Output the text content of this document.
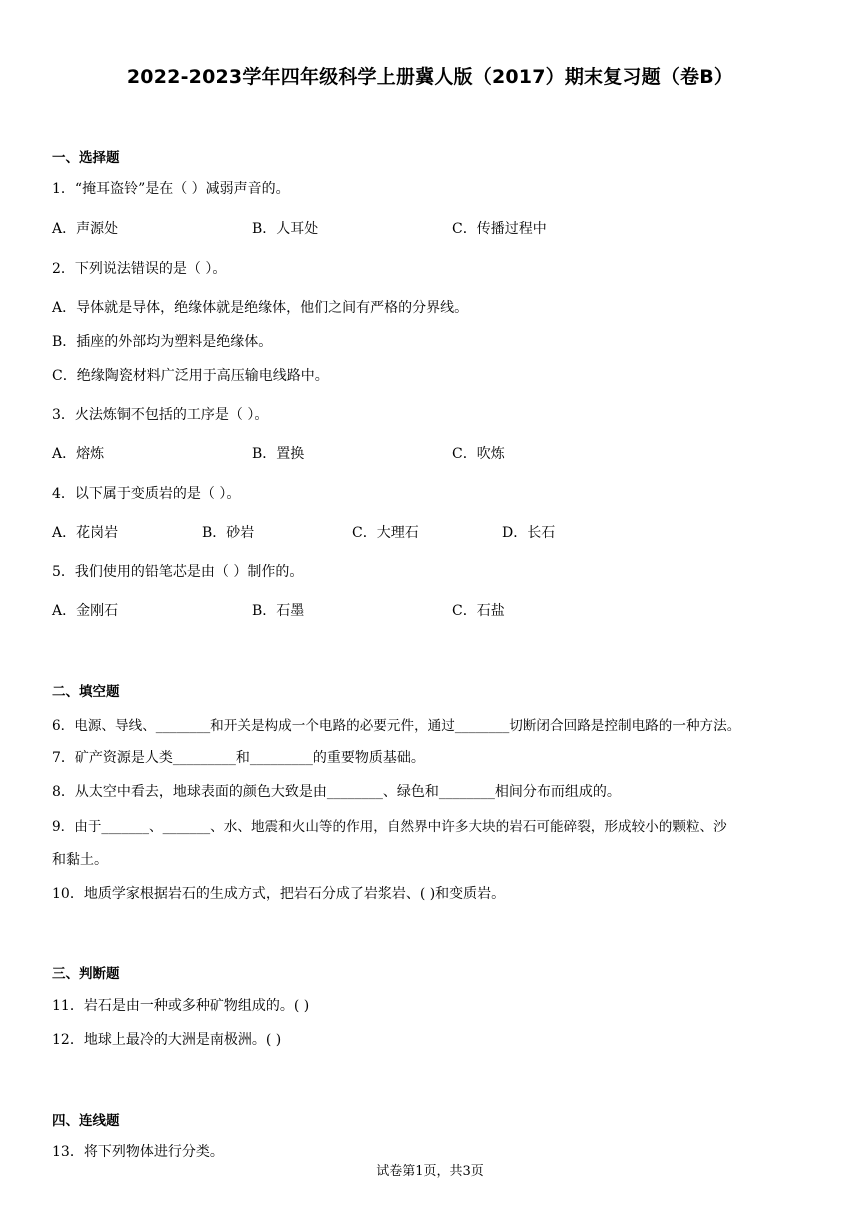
2022-2023学年四年级科学上册冀人版（2017）期末复习题（卷B）
一、选择题
1．“掩耳盗铃”是在（ ）减弱声音的。
A．声源处	B．人耳处	C．传播过程中
2．下列说法错误的是（ ）。
A．导体就是导体，绝缘体就是绝缘体，他们之间有严格的分界线。
B．插座的外部均为塑料是绝缘体。
C．绝缘陶瓷材料广泛用于高压输电线路中。
3．火法炼铜不包括的工序是（ ）。
A．熔炼	B．置换	C．吹炼
4．以下属于变质岩的是（ ）。
A．花岗岩	B．砂岩	C．大理石	D．长石
5．我们使用的铅笔芯是由（ ）制作的。
A．金刚石	B．石墨	C．石盐
二、填空题
6．电源、导线、________和开关是构成一个电路的必要元件，通过________切断闭合回路是控制电路的一种方法。
7．矿产资源是人类_________和_________的重要物质基础。
8．从太空中看去，地球表面的颜色大致是由________、绿色和________相间分布而组成的。
9．由于_______、_______、水、地震和火山等的作用，自然界中许多大块的岩石可能碎裂，形成较小的颗粒、沙
和黏土。
10．地质学家根据岩石的生成方式，把岩石分成了岩浆岩、( )和变质岩。
三、判断题
11．岩石是由一种或多种矿物组成的。( )
12．地球上最冷的大洲是南极洲。( )
四、连线题
13．将下列物体进行分类。
试卷第1页，共3页
